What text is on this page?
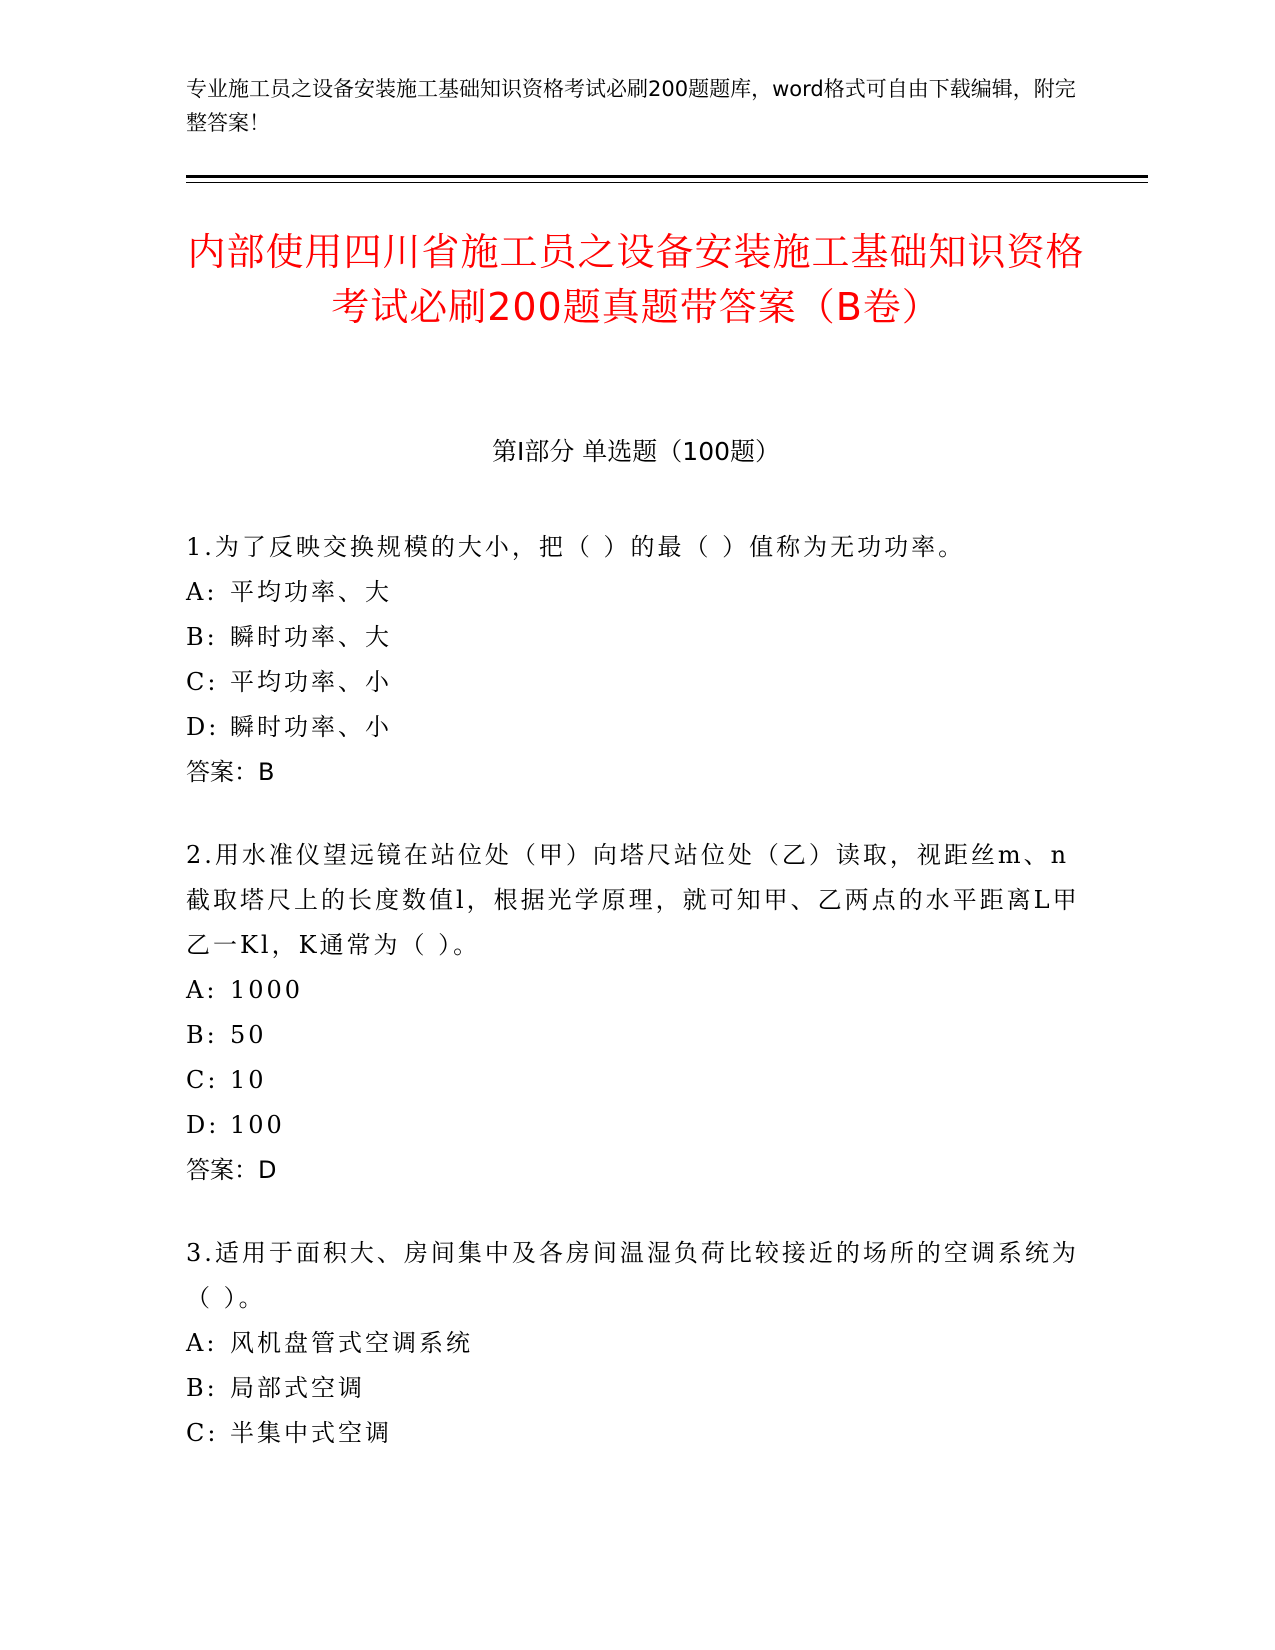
专业施工员之设备安装施工基础知识资格考试必刷200题题库，word格式可自由下载编辑，附完整答案！
内部使用四川省施工员之设备安装施工基础知识资格考试必刷200题真题带答案（B卷）
第I部分 单选题（100题）

1.为了反映交换规模的大小，把（ ）的最（ ）值称为无功功率。

A: 平均功率、大
B: 瞬时功率、大
C: 平均功率、小
D: 瞬时功率、小
答案：B

2.用水准仪望远镜在站位处（甲）向塔尺站位处（乙）读取，视距丝m、n截取塔尺上的长度数值l，根据光学原理，就可知甲、乙两点的水平距离L甲乙一Kl，K通常为（ ）。

A: 1000
B: 50
C: 10
D: 100
答案：D

3.适用于面积大、房间集中及各房间温湿负荷比较接近的场所的空调系统为（ ）。

A: 风机盘管式空调系统
B: 局部式空调
C: 半集中式空调
